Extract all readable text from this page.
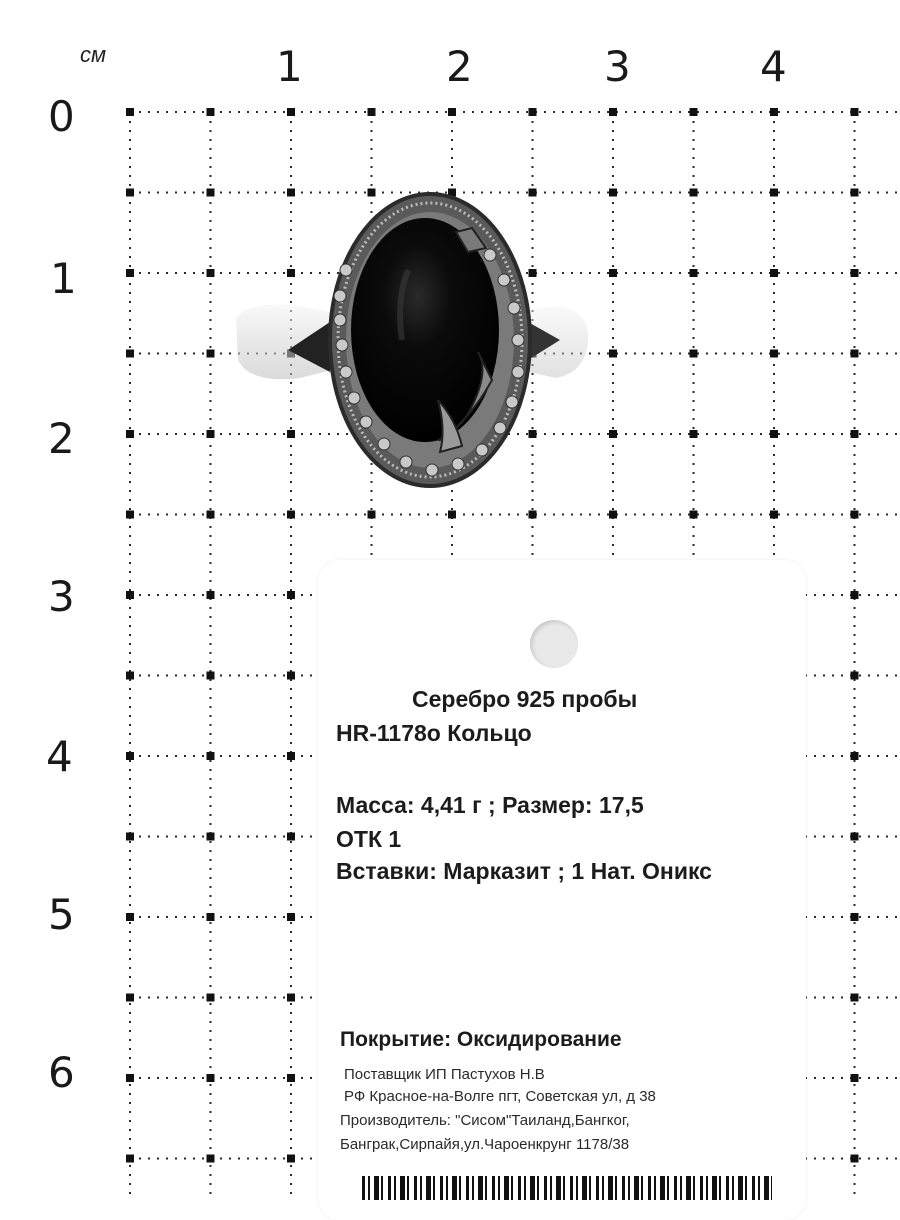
см	1	2	3	4
0
1
2
3
4
5
6
Серебро 925 пробы
HR-1178o Кольцо
Масса: 4,41 г ; Размер: 17,5
ОТК 1
Вставки: Марказит ; 1 Нат. Оникс
Покрытие: Оксидирование
Поставщик ИП Пастухов Н.В
РФ Красное-на-Волге пгт, Советская ул, д 38
Производитель: "Сисом"Таиланд,Бангког,
Банграк,Сирпайя,ул.Чароенкрунг 1178/38
